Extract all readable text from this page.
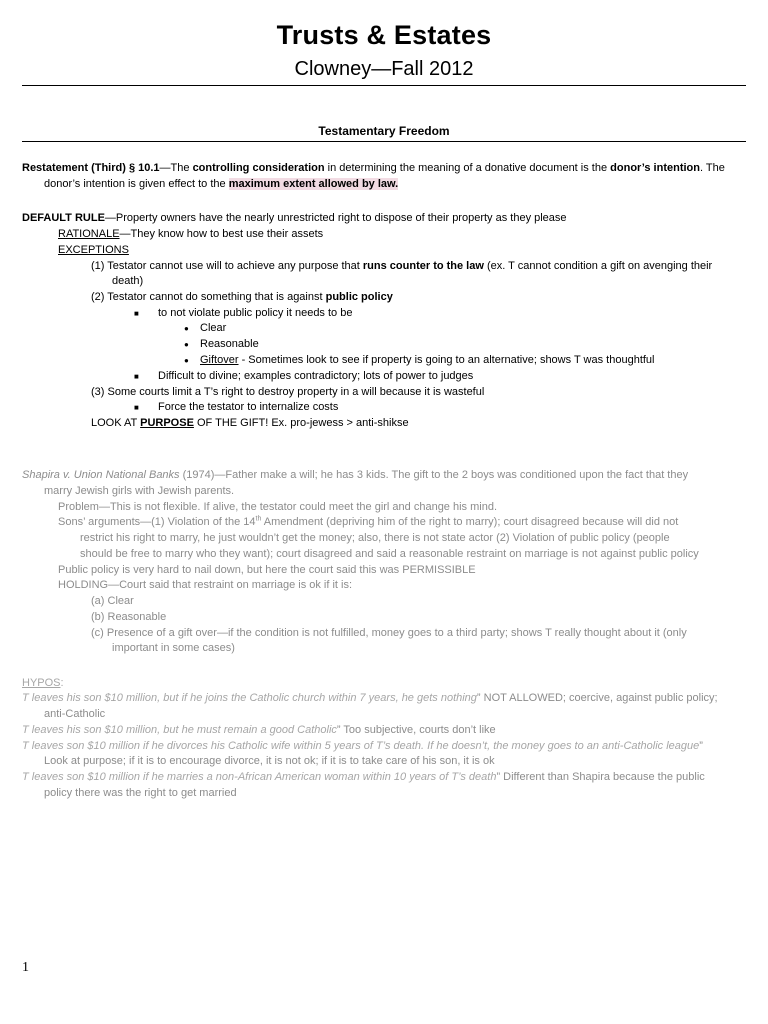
Trusts & Estates
Clowney—Fall 2012
Testamentary Freedom
Restatement (Third) § 10.1—The controlling consideration in determining the meaning of a donative document is the donor’s intention. The
donor’s intention is given effect to the maximum extent allowed by law.
DEFAULT RULE—Property owners have the nearly unrestricted right to dispose of their property as they please
RATIONALE—They know how to best use their assets
EXCEPTIONS
(1) Testator cannot use will to achieve any purpose that runs counter to the law (ex. T cannot condition a gift on avenging their
death)
(2) Testator cannot do something that is against public policy
■ to not violate public policy it needs to be
● Clear
● Reasonable
● Giftover - Sometimes look to see if property is going to an alternative; shows T was thoughtful
■ Difficult to divine; examples contradictory; lots of power to judges
(3) Some courts limit a T’s right to destroy property in a will because it is wasteful
■ Force the testator to internalize costs
LOOK AT PURPOSE OF THE GIFT! Ex. pro-jewess > anti-shikse
Shapira v. Union National Banks (1974)—Father make a will; he has 3 kids. The gift to the 2 boys was conditioned upon the fact that they
marry Jewish girls with Jewish parents.
Problem—This is not flexible. If alive, the testator could meet the girl and change his mind.
Sons’ arguments—(1) Violation of the 14th Amendment (depriving him of the right to marry); court disagreed because will did not
restrict his right to marry, he just wouldn’t get the money; also, there is not state actor (2) Violation of public policy (people
should be free to marry who they want); court disagreed and said a reasonable restraint on marriage is not against public policy
Public policy is very hard to nail down, but here the court said this was PERMISSIBLE
HOLDING—Court said that restraint on marriage is ok if it is:
(a) Clear
(b) Reasonable
(c) Presence of a gift over—if the condition is not fulfilled, money goes to a third party; shows T really thought about it (only
important in some cases)
HYPOS:
T leaves his son $10 million, but if he joins the Catholic church within 7 years, he gets nothing” NOT ALLOWED; coercive, against public policy;
anti-Catholic
T leaves his son $10 million, but he must remain a good Catholic” Too subjective, courts don’t like
T leaves son $10 million if he divorces his Catholic wife within 5 years of T’s death. If he doesn’t, the money goes to an anti-Catholic league”
Look at purpose; if it is to encourage divorce, it is not ok; if it is to take care of his son, it is ok
T leaves son $10 million if he marries a non-African American woman within 10 years of T’s death” Different than Shapira because the public
policy there was the right to get married
1
